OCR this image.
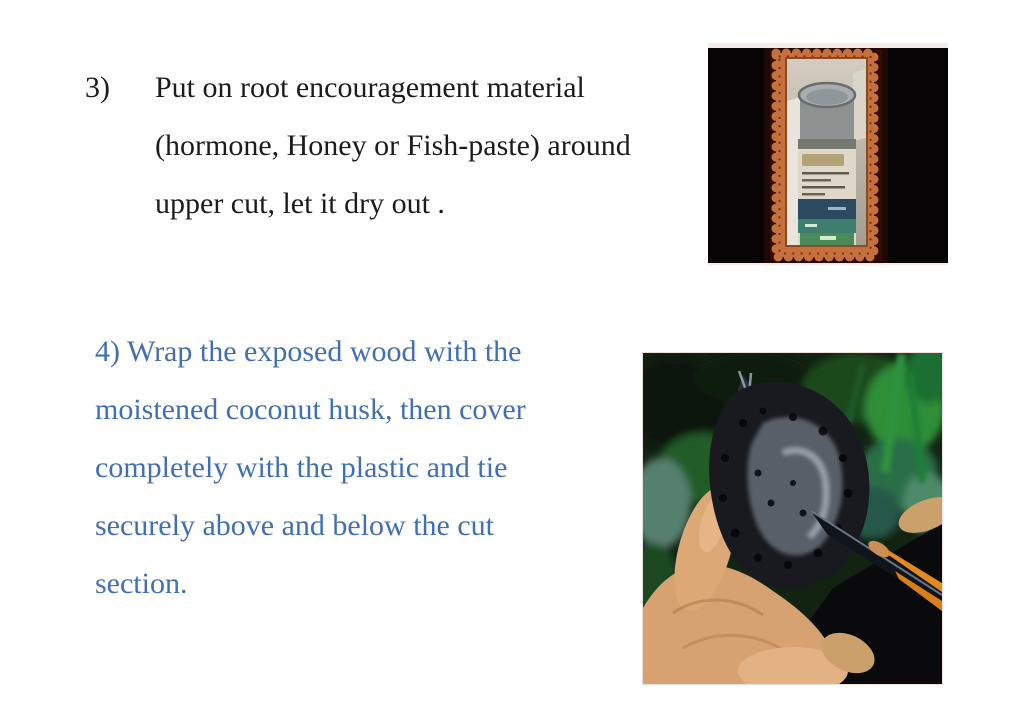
3) Put on root encouragement material
(hormone, Honey or Fish-paste) around
upper cut, let it dry out .
4) Wrap the exposed wood with the
moistened coconut husk, then cover
completely with the plastic and tie
securely above and below the cut
section.
